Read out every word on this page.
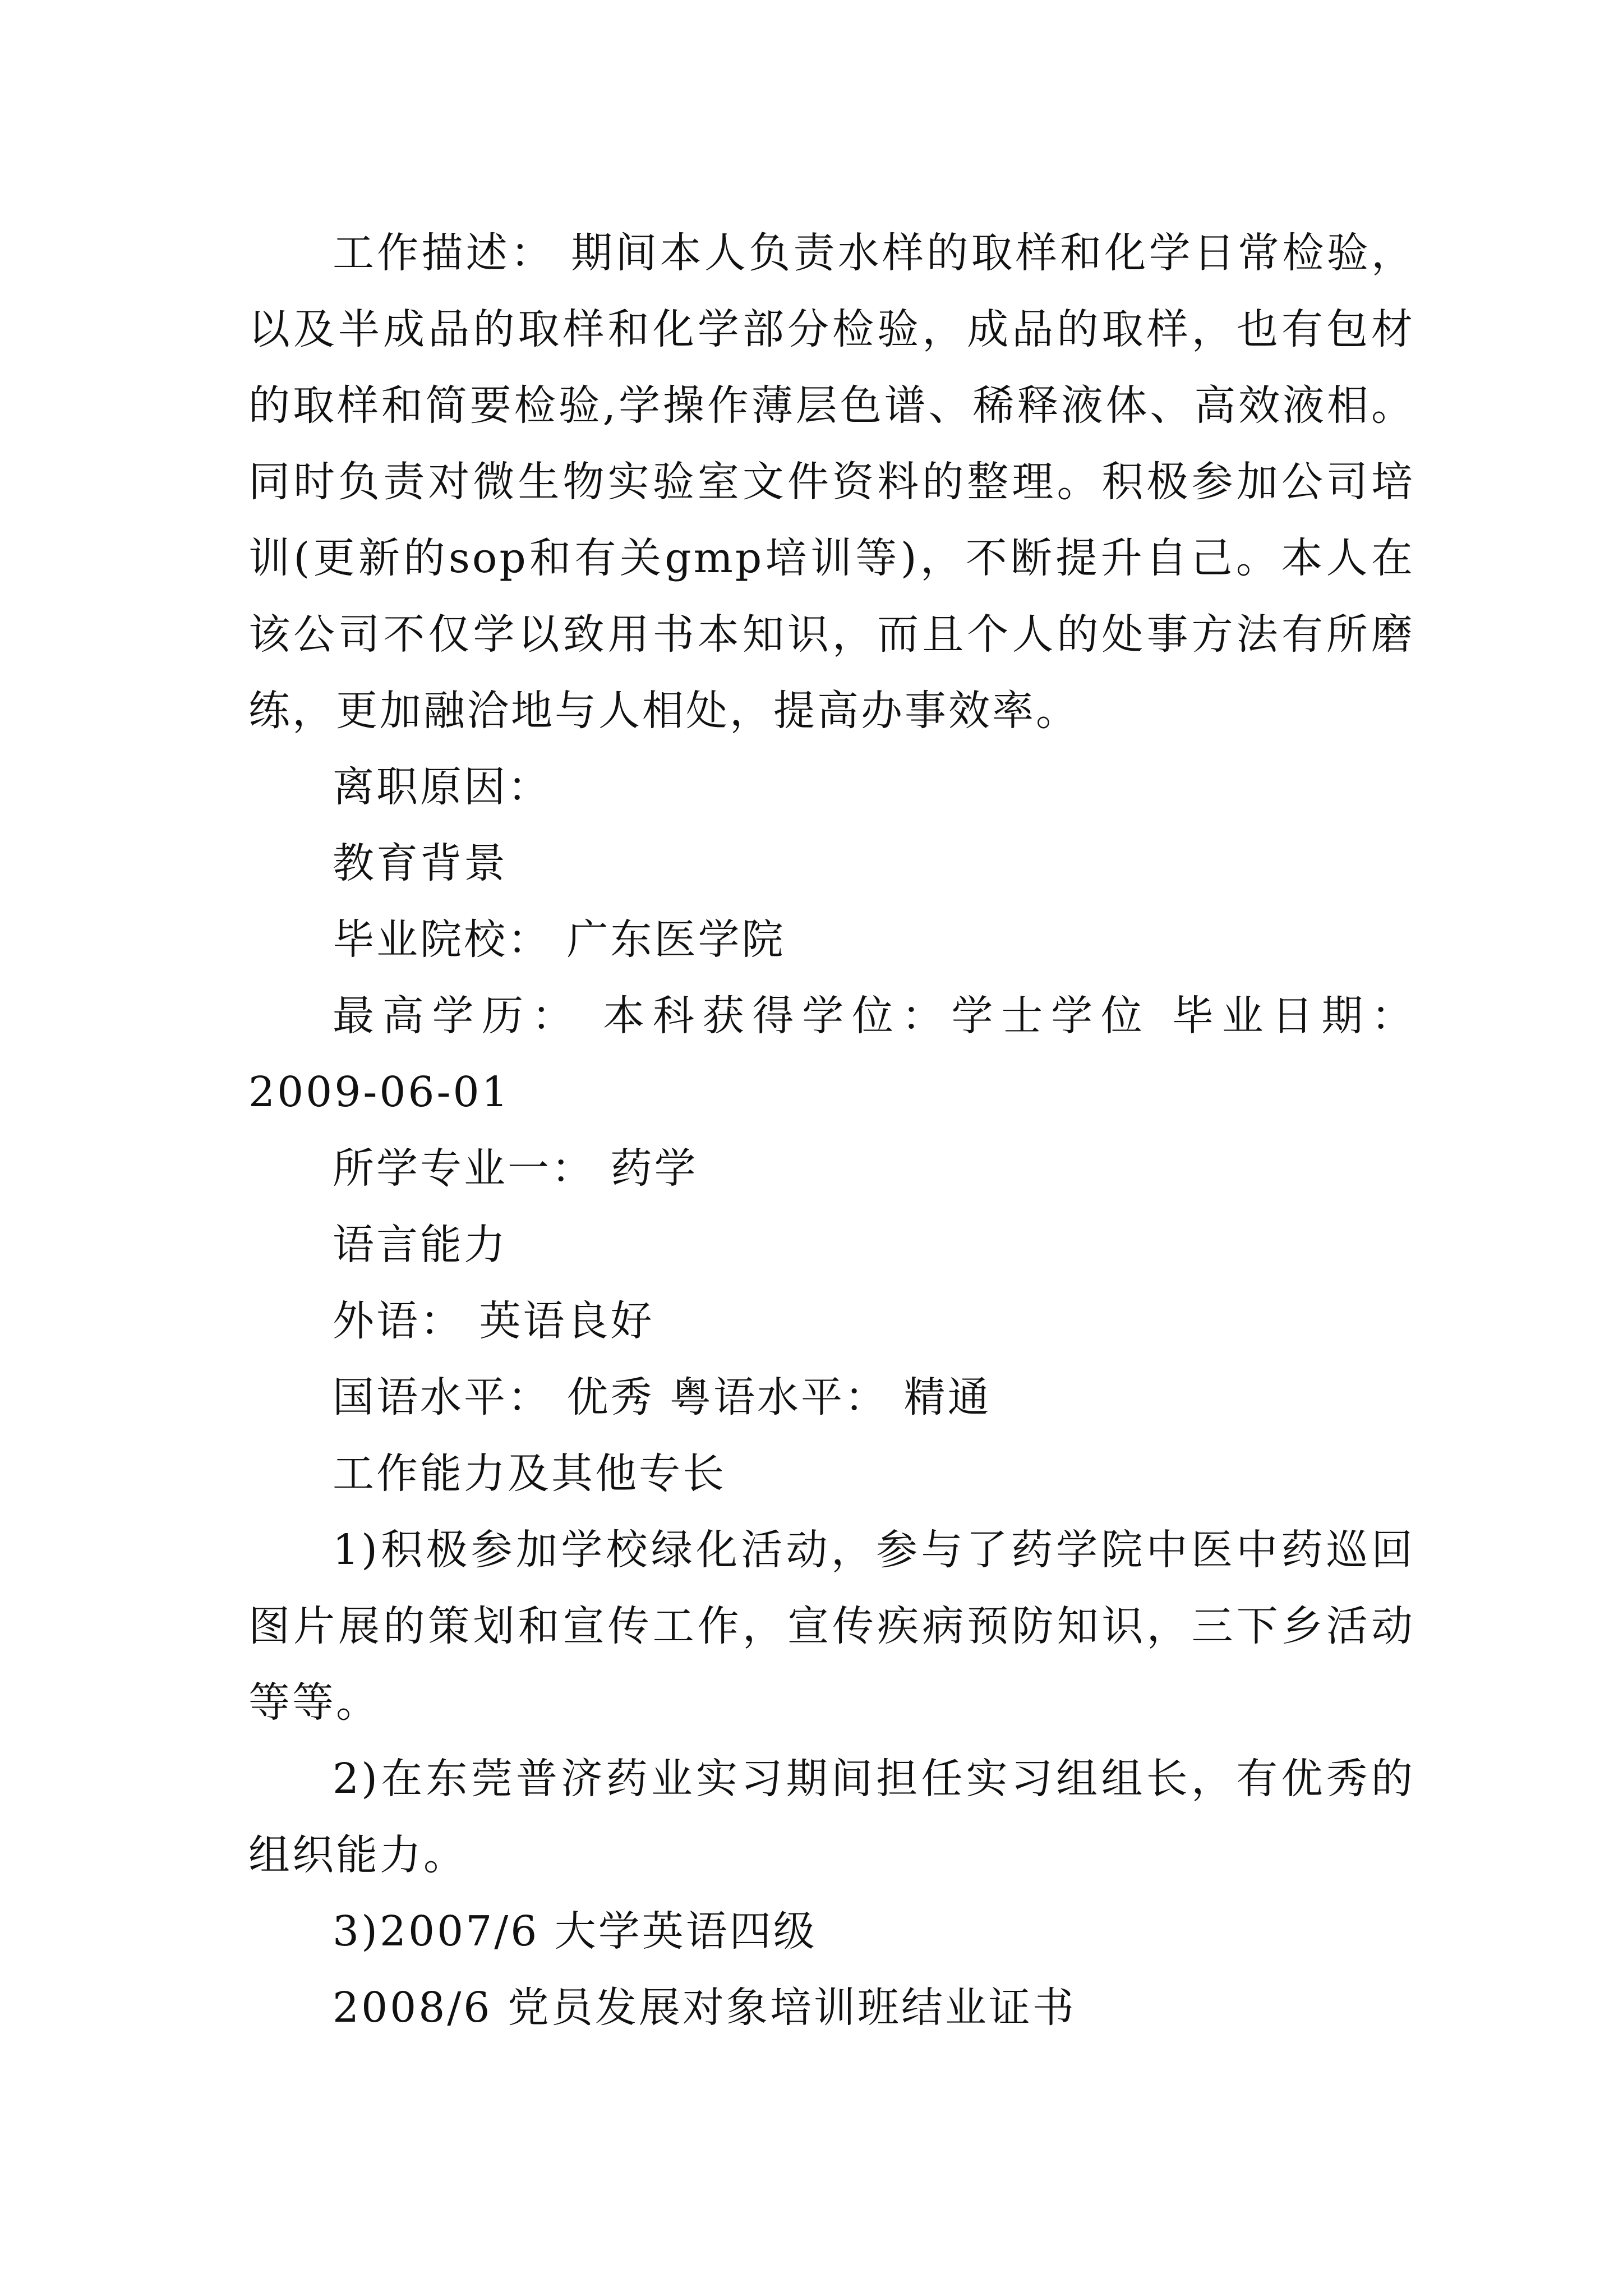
工作描述： 期间本人负责水样的取样和化学日常检验，
以及半成品的取样和化学部分检验，成品的取样，也有包材
的取样和简要检验,学操作薄层色谱、稀释液体、高效液相。
同时负责对微生物实验室文件资料的整理。积极参加公司培
训(更新的sop和有关gmp培训等)，不断提升自己。本人在
该公司不仅学以致用书本知识，而且个人的处事方法有所磨
练，更加融洽地与人相处，提高办事效率。
离职原因：
教育背景
毕业院校： 广东医学院
最高学历： 本科获得学位：学士学位 毕业日期：
2009-06-01
所学专业一： 药学
语言能力
外语： 英语良好
国语水平： 优秀 粤语水平： 精通
工作能力及其他专长
1)积极参加学校绿化活动，参与了药学院中医中药巡回
图片展的策划和宣传工作，宣传疾病预防知识，三下乡活动
等等。
2)在东莞普济药业实习期间担任实习组组长，有优秀的
组织能力。
3)2007/6 大学英语四级
2008/6 党员发展对象培训班结业证书
